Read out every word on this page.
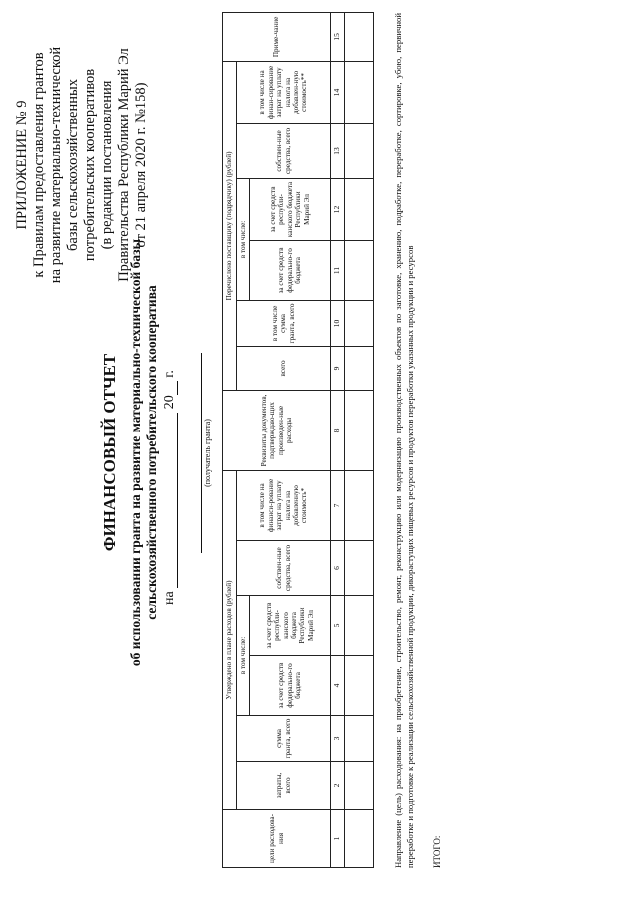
ПРИЛОЖЕНИЕ № 9 к Правилам предоставления грантов на развитие материально-технической базы сельскохозяйственных потребительских кооперативов (в редакции постановления Правительства Республики Марий Эл от 21 апреля 2020 г. №158)
ФИНАНСОВЫЙ ОТЧЕТ об использовании гранта на развитие материально-технической базы сельскохозяйственного потребительского кооператива на  20 г.
(получатель гранта)
цели расходова-ния	Утверждено в плане расходов (рублей)						Реквизиты документов, подтверждаю-щих произведен-ные расходы	Перечислено поставщику (подрядчику) (рублей)						Приме-чание
	затраты, всего	сумма гранта, всего	в том числе:		собствен-ные средства, всего	в том числе на финанси-рование затрат на уплату налога на добавленную стоимость*		всего	в том числе сумма гранта, всего	в том числе:		собствен-ные средства, всего	в том числе на финан-сирование затрат на уплату налога на добавлен-ную стоимость**	
			за счет средств федерально-го бюджета	за счет средств республи-канского бюджета Республики Марий Эл						за счет средств федерально-го бюджета	за счет средств республи-канского бюджета Республики Марий Эл			
1	2	3	4	5	6	7	8	9	10	11	12	13	14	15
															Направление (цель) расходования: на приобретение, строительство, ремонт, реконструкцию или модернизацию производственных объектов по заготовке, хранению, подработке, переработке, сортировке, убою, первичной переработке и подготовке к реализации сельскохозяйственной продукции, дикорастущих пищевых ресурсов и продуктов переработки указанных продукции и ресурсов ИТОГО:
